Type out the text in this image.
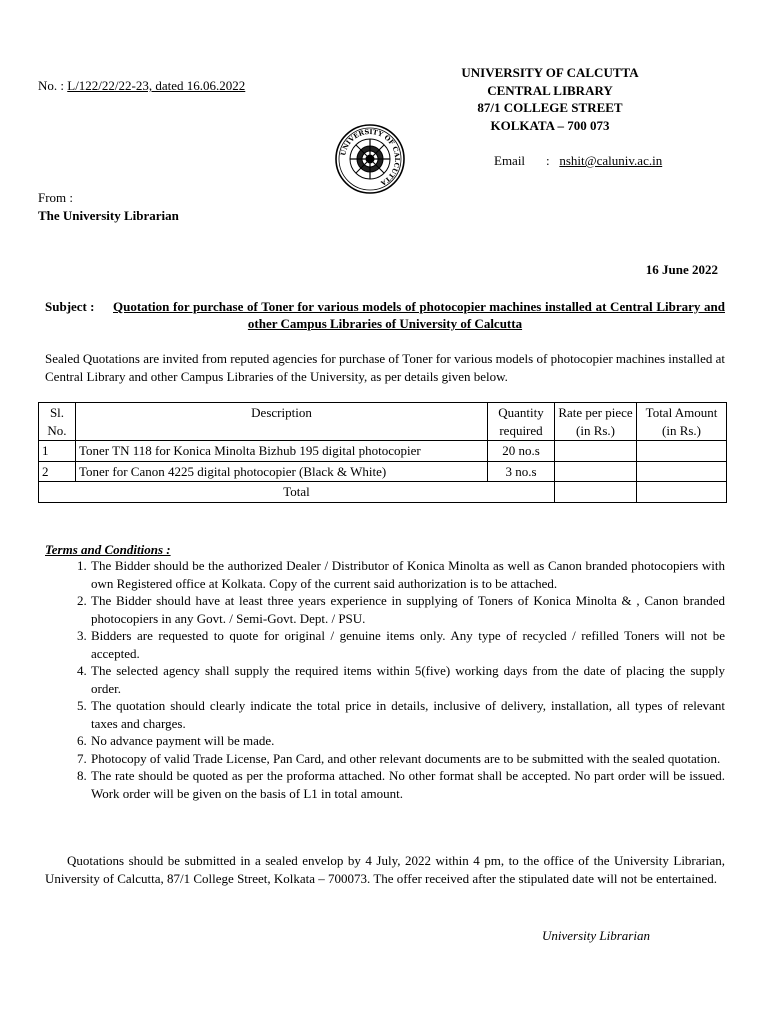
No. : L/122/22/22-23, dated 16.06.2022
UNIVERSITY OF CALCUTTA
CENTRAL LIBRARY
87/1 COLLEGE STREET
KOLKATA – 700 073
UNIVERSITY OF CALCUTTA
Email : nshit@caluniv.ac.in
From :
The University Librarian
16 June 2022
Subject :	Quotation for purchase of Toner for various models of photocopier machines installed at Central Library and other Campus Libraries of University of Calcutta
Sealed Quotations are invited from reputed agencies for purchase of Toner for various models of photocopier machines installed at Central Library and other Campus Libraries of the University, as per details given below.
Sl. No.	Description	Quantity required	Rate per piece (in Rs.)	Total Amount (in Rs.)
1	Toner TN 118 for Konica Minolta Bizhub 195 digital photocopier	20 no.s		
2	Toner for Canon 4225 digital photocopier (Black & White)	3 no.s		
Total				
Terms and Conditions :
1. The Bidder should be the authorized Dealer / Distributor of Konica Minolta as well as Canon branded photocopiers with own Registered office at Kolkata. Copy of the current said authorization is to be attached.
2. The Bidder should have at least three years experience in supplying of Toners of Konica Minolta & , Canon branded photocopiers in any Govt. / Semi-Govt. Dept. / PSU.
3. Bidders are requested to quote for original / genuine items only. Any type of recycled / refilled Toners will not be accepted.
4. The selected agency shall supply the required items within 5(five) working days from the date of placing the supply order.
5. The quotation should clearly indicate the total price in details, inclusive of delivery, installation, all types of relevant taxes and charges.
6. No advance payment will be made.
7. Photocopy of valid Trade License, Pan Card, and other relevant documents are to be submitted with the sealed quotation.
8. The rate should be quoted as per the proforma attached. No other format shall be accepted. No part order will be issued. Work order will be given on the basis of L1 in total amount.
Quotations should be submitted in a sealed envelop by 4 July, 2022 within 4 pm, to the office of the University Librarian, University of Calcutta, 87/1 College Street, Kolkata – 700073. The offer received after the stipulated date will not be entertained.
University Librarian
